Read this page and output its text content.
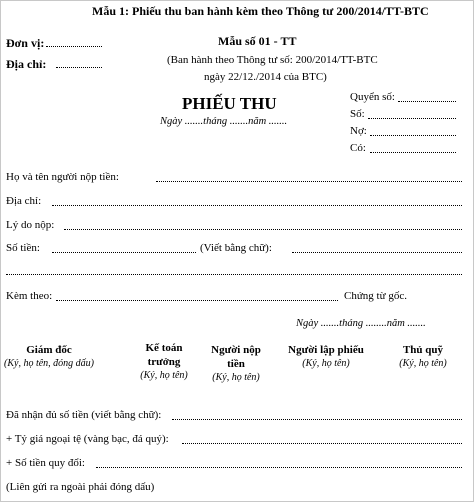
Mẫu 1: Phiếu thu ban hành kèm theo Thông tư 200/2014/TT-BTC
Đơn vị:
Địa chỉ:
Mẫu số 01 - TT
(Ban hành theo Thông tư số: 200/2014/TT-BTC
ngày 22/12./2014 của BTC)
PHIẾU THU
Ngày .......tháng .......năm .......
Quyển số:
Số:
Nợ:
Có:
Họ và tên người nộp tiền:
Địa chỉ:
Lý do nộp:
Số tiền:	(Viết bằng chữ):
Kèm theo:	Chứng từ gốc.
Ngày .......tháng ........năm .......
Giám đốc
(Ký, họ tên, đóng dấu)
Kế toán
trưởng
(Ký, họ tên)
Người nộp
tiền
(Ký, họ tên)
Người lập phiếu
(Ký, họ tên)
Thủ quỹ
(Ký, họ tên)
Đã nhận đủ số tiền (viết bằng chữ):
+ Tỷ giá ngoại tệ (vàng bạc, đá quý):
+ Số tiền quy đổi:
(Liên gửi ra ngoài phải đóng dấu)
